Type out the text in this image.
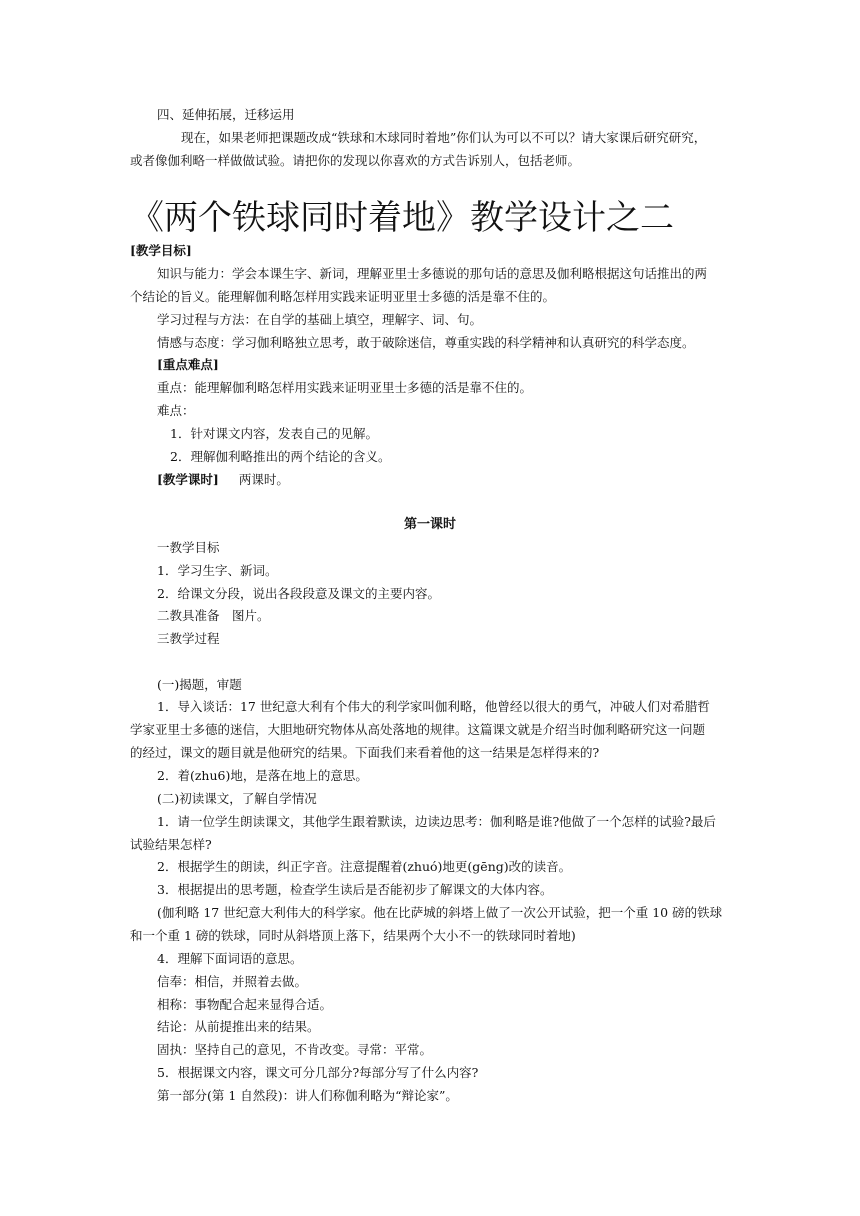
四、延伸拓展，迁移运用
现在，如果老师把课题改成“铁球和木球同时着地”你们认为可以不可以？请大家课后研究研究，
或者像伽利略一样做做试验。请把你的发现以你喜欢的方式告诉别人，包括老师。
《两个铁球同时着地》教学设计之二
[教学目标]
知识与能力：学会本课生字、新词，理解亚里士多德说的那句话的意思及伽利略根据这句话推出的两
个结论的旨义。能理解伽利略怎样用实践来证明亚里士多德的活是靠不住的。
学习过程与方法：在自学的基础上填空，理解字、词、句。
情感与态度：学习伽利略独立思考，敢于破除迷信，尊重实践的科学精神和认真研究的科学态度。
[重点难点]
重点：能理解伽利略怎样用实践来证明亚里士多德的活是靠不住的。
难点：
1．针对课文内容，发表自己的见解。
2．理解伽利略推出的两个结论的含义。
[教学课时] 两课时。
第一课时
一教学目标
1．学习生字、新词。
2．给课文分段，说出各段段意及课文的主要内容。
二教具准备　图片。
三教学过程
(一)揭题，审题
1．导入谈话：17 世纪意大利有个伟大的利学家叫伽利略，他曾经以很大的勇气，冲破人们对希腊哲
学家亚里士多德的迷信，大胆地研究物体从高处落地的规律。这篇课文就是介绍当时伽利略研究这一问题
的经过，课文的题目就是他研究的结果。下面我们来看着他的这一结果是怎样得来的?
2．着(zhu6)地，是落在地上的意思。
(二)初读课文，了解自学情况
1．请一位学生朗读课文，其他学生跟着默读，边读边思考：伽利略是谁?他做了一个怎样的试验?最后
试验结果怎样?
2．根据学生的朗读，纠正字音。注意提醒着(zhuó)地更(gēng)改的读音。
3．根据提出的思考题，检查学生读后是否能初步了解课文的大体内容。
(伽利略 17 世纪意大利伟大的科学家。他在比萨城的斜塔上做了一次公开试验，把一个重 10 磅的铁球
和一个重 1 磅的铁球，同时从斜塔顶上落下，结果两个大小不一的铁球同时着地)
4．理解下面词语的意思。
信奉：相信，并照着去做。
相称：事物配合起来显得合适。
结论：从前提推出来的结果。
固执：坚持自己的意见，不肯改变。寻常：平常。
5．根据课文内容，课文可分几部分?每部分写了什么内容?
第一部分(第 1 自然段)：讲人们称伽利略为“辩论家”。
